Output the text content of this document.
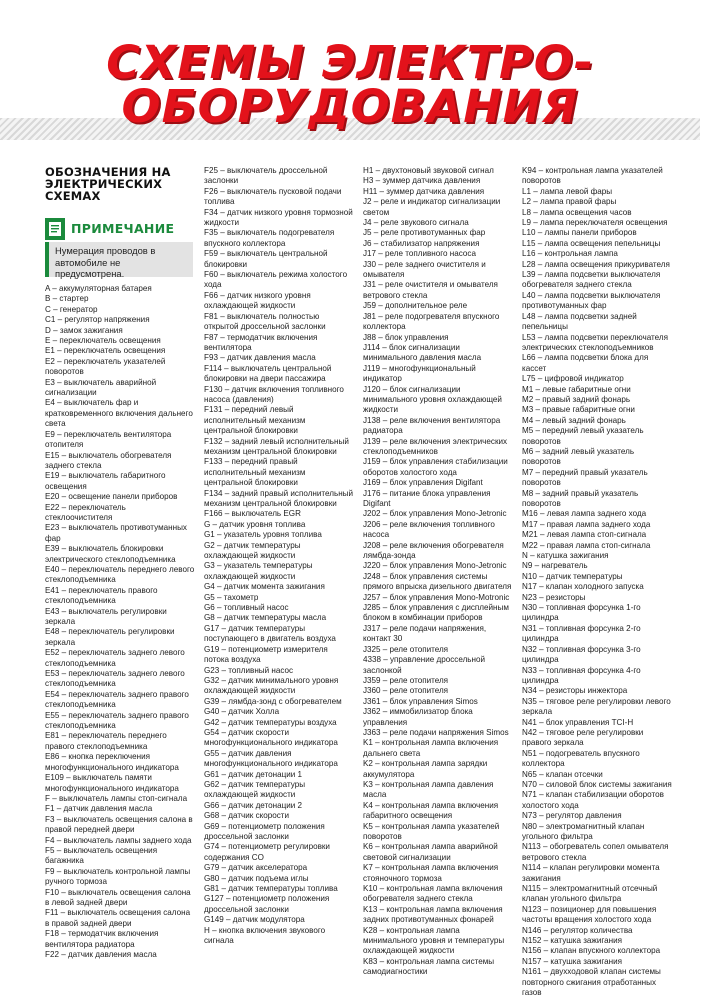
СХЕМЫ ЭЛЕКТРО-
ОБОРУДОВАНИЯ
ОБОЗНАЧЕНИЯ НА ЭЛЕКТРИЧЕСКИХ СХЕМАХ
ПРИМЕЧАНИЕ
Нумерация проводов в автомобиле не предусмотрена.
A – аккумуляторная батарея
B – стартер
C – генератор
C1 – регулятор напряжения
D – замок зажигания
E – переключатель освещения
E1 – переключатель освещения
E2 – переключатель указателей поворотов
E3 – выключатель аварийной сигнализации
E4 – выключатель фар и кратковременного включения дальнего света
E9 – переключатель вентилятора отопителя
E15 – выключатель обогревателя заднего стекла
E19 – выключатель габаритного освещения
E20 – освещение панели приборов
E22 – переключатель стеклоочистителя
E23 – выключатель противотуманных фар
E39 – выключатель блокировки электрического стеклоподъемника
E40 – переключатель переднего левого стеклоподъемника
E41 – переключатель правого стеклоподъемника
E43 – выключатель регулировки зеркала
E48 – переключатель регулировки зеркала
E52 – переключатель заднего левого стеклоподъемника
E53 – переключатель заднего левого стеклоподъемника
E54 – переключатель заднего правого стеклоподъемника
E55 – переключатель заднего правого стеклоподъемника
E81 – переключатель переднего правого стеклоподъемника
E86 – кнопка переключения многофункционального индикатора
E109 – выключатель памяти многофункционального индикатора
F – выключатель лампы стоп-сигнала
F1 – датчик давления масла
F3 – выключатель освещения салона в правой передней двери
F4 – выключатель лампы заднего хода
F5 – выключатель освещения багажника
F9 – выключатель контрольной лампы ручного тормоза
F10 – выключатель освещения салона в левой задней двери
F11 – выключатель освещения салона в правой задней двери
F18 – термодатчик включения вентилятора радиатора
F22 – датчик давления масла
F25 – выключатель дроссельной заслонки
F26 – выключатель пусковой подачи топлива
F34 – датчик низкого уровня тормозной жидкости
F35 – выключатель подогревателя впускного коллектора
F59 – выключатель центральной блокировки
F60 – выключатель режима холостого хода
F66 – датчик низкого уровня охлаждающей жидкости
F81 – выключатель полностью открытой дроссельной заслонки
F87 – термодатчик включения вентилятора
F93 – датчик давления масла
F114 – выключатель центральной блокировки на двери пассажира
F130 – датчик включения топливного насоса (давления)
F131 – передний левый исполнительный механизм центральной блокировки
F132 – задний левый исполнительный механизм центральной блокировки
F133 – передний правый исполнительный механизм центральной блокировки
F134 – задний правый исполнительный механизм центральной блокировки
F166 – выключатель EGR
G – датчик уровня топлива
G1 – указатель уровня топлива
G2 – датчик температуры охлаждающей жидкости
G3 – указатель температуры охлаждающей жидкости
G4 – датчик момента зажигания
G5 – тахометр
G6 – топливный насос
G8 – датчик температуры масла
G17 – датчик температуры поступающего в двигатель воздуха
G19 – потенциометр измерителя потока воздуха
G23 – топливный насос
G32 – датчик минимального уровня охлаждающей жидкости
G39 – лямбда-зонд с обогревателем
G40 – датчик Холла
G42 – датчик температуры воздуха
G54 – датчик скорости многофункционального индикатора
G55 – датчик давления многофункционального индикатора
G61 – датчик детонации 1
G62 – датчик температуры охлаждающей жидкости
G66 – датчик детонации 2
G68 – датчик скорости
G69 – потенциометр положения дроссельной заслонки
G74 – потенциометр регулировки содержания CO
G79 – датчик акселератора
G80 – датчик подъема иглы
G81 – датчик температуры топлива
G127 – потенциометр положения дроссельной заслонки
G149 – датчик модулятора
H – кнопка включения звукового сигнала
H1 – двухтоновый звуковой сигнал
H3 – зуммер датчика давления
H11 – зуммер датчика давления
J2 – реле и индикатор сигнализации светом
J4 – реле звукового сигнала
J5 – реле противотуманных фар
J6 – стабилизатор напряжения
J17 – реле топливного насоса
J30 – реле заднего очистителя и омывателя
J31 – реле очистителя и омывателя ветрового стекла
J59 – дополнительное реле
J81 – реле подогревателя впускного коллектора
J88 – блок управления
J114 – блок сигнализации минимального давления масла
J119 – многофункциональный индикатор
J120 – блок сигнализации минимального уровня охлаждающей жидкости
J138 – реле включения вентилятора радиатора
J139 – реле включения электрических стеклоподъемников
J159 – блок управления стабилизации оборотов холостого хода
J169 – блок управления Digifant
J176 – питание блока управления Digifant
J202 – блок управления Mono-Jetronic
J206 – реле включения топливного насоса
J208 – реле включения обогревателя лямбда-зонда
J220 – блок управления Mono-Jetronic
J248 – блок управления системы прямого впрыска дизельного двигателя
J257 – блок управления Mono-Motronic
J285 – блок управления с дисплейным блоком в комбинации приборов
J317 – реле подачи напряжения, контакт 30
J325 – реле отопителя
4338 – управление дроссельной заслонкой
J359 – реле отопителя
J360 – реле отопителя
J361 – блок управления Simos
J362 – иммобилизатор блока управления
J363 – реле подачи напряжения Simos
K1 – контрольная лампа включения дальнего света
K2 – контрольная лампа зарядки аккумулятора
K3 – контрольная лампа давления масла
K4 – контрольная лампа включения габаритного освещения
K5 – контрольная лампа указателей поворотов
K6 – контрольная лампа аварийной световой сигнализации
K7 – контрольная лампа включения стояночного тормоза
K10 – контрольная лампа включения обогревателя заднего стекла
K13 – контрольная лампа включения задних противотуманных фонарей
K28 – контрольная лампа минимального уровня и температуры охлаждающей жидкости
K83 – контрольная лампа системы самодиагностики
K94 – контрольная лампа указателей поворотов
L1 – лампа левой фары
L2 – лампа правой фары
L8 – лампа освещения часов
L9 – лампа переключателя освещения
L10 – лампы панели приборов
L15 – лампа освещения пепельницы
L16 – контрольная лампа
L28 – лампа освещения прикуривателя
L39 – лампа подсветки выключателя обогревателя заднего стекла
L40 – лампа подсветки выключателя противотуманных фар
L48 – лампа подсветки задней пепельницы
L53 – лампа подсветки переключателя электрических стеклоподъемников
L66 – лампа подсветки блока для кассет
L75 – цифровой индикатор
M1 – левые габаритные огни
M2 – правый задний фонарь
M3 – правые габаритные огни
M4 – левый задний фонарь
M5 – передний левый указатель поворотов
M6 – задний левый указатель поворотов
M7 – передний правый указатель поворотов
M8 – задний правый указатель поворотов
M16 – левая лампа заднего хода
M17 – правая лампа заднего хода
M21 – левая лампа стоп-сигнала
M22 – правая лампа стоп-сигнала
N – катушка зажигания
N9 – нагреватель
N10 – датчик температуры
N17 – клапан холодного запуска
N23 – резисторы
N30 – топливная форсунка 1-го цилиндра
N31 – топливная форсунка 2-го цилиндра
N32 – топливная форсунка 3-го цилиндра
N33 – топливная форсунка 4-го цилиндра
N34 – резисторы инжектора
N35 – тяговое реле регулировки левого зеркала
N41 – блок управления TCI-H
N42 – тяговое реле регулировки правого зеркала
N51 – подогреватель впускного коллектора
N65 – клапан отсечки
N70 – силовой блок системы зажигания
N71 – клапан стабилизации оборотов холостого хода
N73 – регулятор давления
N80 – электромагнитный клапан угольного фильтра
N113 – обогреватель сопел омывателя ветрового стекла
N114 – клапан регулировки момента зажигания
N115 – электромагнитный отсечный клапан угольного фильтра
N123 – позиционер для повышения частоты вращения холостого хода
N146 – регулятор количества
N152 – катушка зажигания
N156 – клапан впускного коллектора
N157 – катушка зажигания
N161 – двухходовой клапан системы повторного сжигания отработанных газов
